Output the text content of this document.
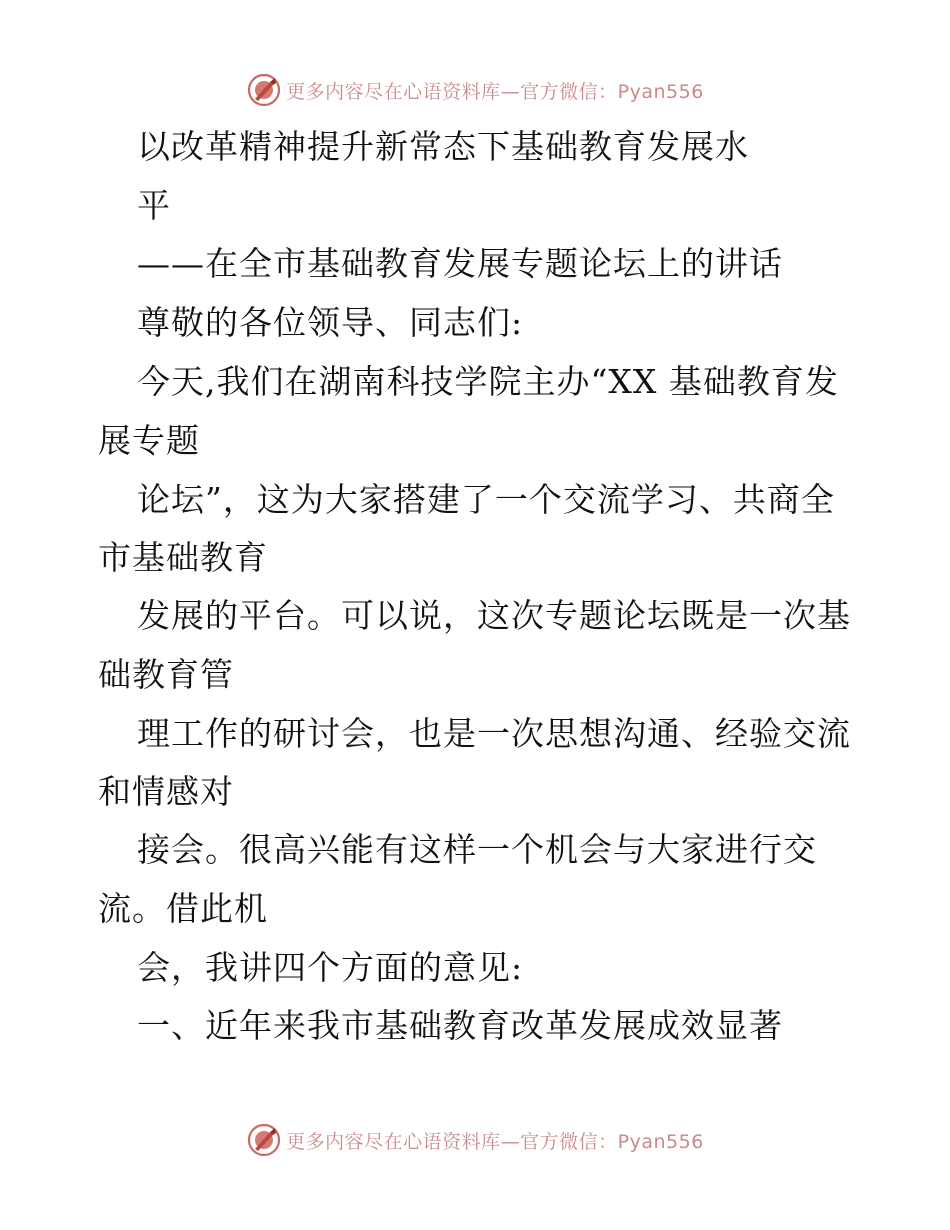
更多内容尽在心语资料库—官方微信：Pyan556
以改革精神提升新常态下基础教育发展水
平
——在全市基础教育发展专题论坛上的讲话
尊敬的各位领导、同志们:
今天,我们在湖南科技学院主办“XX 基础教育发
展专题
论坛”，这为大家搭建了一个交流学习、共商全
市基础教育
发展的平台。可以说，这次专题论坛既是一次基
础教育管
理工作的研讨会，也是一次思想沟通、经验交流
和情感对
接会。很高兴能有这样一个机会与大家进行交
流。借此机
会，我讲四个方面的意见:
一、近年来我市基础教育改革发展成效显著
更多内容尽在心语资料库—官方微信：Pyan556
